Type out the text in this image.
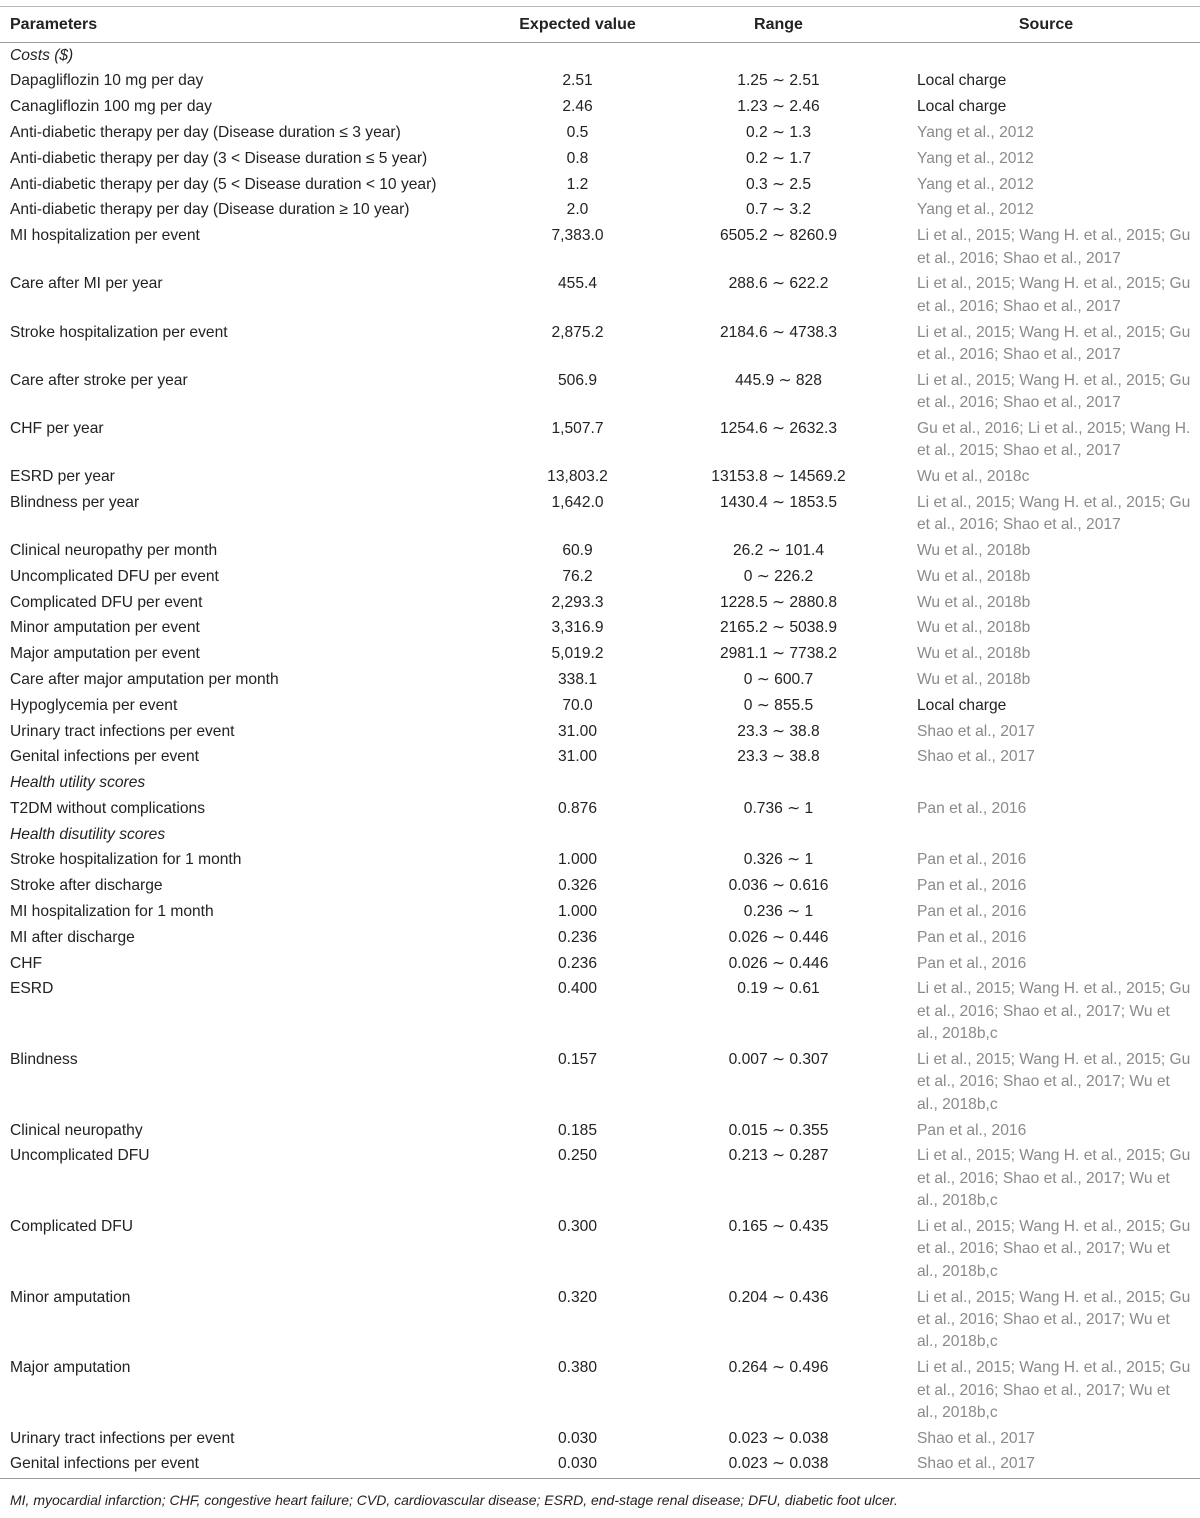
Parameters	Expected value	Range	Source
Costs ($)			
Dapagliflozin 10 mg per day	2.51	1.25 ∼ 2.51	Local charge
Canagliflozin 100 mg per day	2.46	1.23 ∼ 2.46	Local charge
Anti-diabetic therapy per day (Disease duration ≤ 3 year)	0.5	0.2 ∼ 1.3	Yang et al., 2012
Anti-diabetic therapy per day (3 < Disease duration ≤ 5 year)	0.8	0.2 ∼ 1.7	Yang et al., 2012
Anti-diabetic therapy per day (5 < Disease duration < 10 year)	1.2	0.3 ∼ 2.5	Yang et al., 2012
Anti-diabetic therapy per day (Disease duration ≥ 10 year)	2.0	0.7 ∼ 3.2	Yang et al., 2012
MI hospitalization per event	7,383.0	6505.2 ∼ 8260.9	Li et al., 2015; Wang H. et al., 2015; Gu et al., 2016; Shao et al., 2017
Care after MI per year	455.4	288.6 ∼ 622.2	Li et al., 2015; Wang H. et al., 2015; Gu et al., 2016; Shao et al., 2017
Stroke hospitalization per event	2,875.2	2184.6 ∼ 4738.3	Li et al., 2015; Wang H. et al., 2015; Gu et al., 2016; Shao et al., 2017
Care after stroke per year	506.9	445.9 ∼ 828	Li et al., 2015; Wang H. et al., 2015; Gu et al., 2016; Shao et al., 2017
CHF per year	1,507.7	1254.6 ∼ 2632.3	Gu et al., 2016; Li et al., 2015; Wang H. et al., 2015; Shao et al., 2017
ESRD per year	13,803.2	13153.8 ∼ 14569.2	Wu et al., 2018c
Blindness per year	1,642.0	1430.4 ∼ 1853.5	Li et al., 2015; Wang H. et al., 2015; Gu et al., 2016; Shao et al., 2017
Clinical neuropathy per month	60.9	26.2 ∼ 101.4	Wu et al., 2018b
Uncomplicated DFU per event	76.2	0 ∼ 226.2	Wu et al., 2018b
Complicated DFU per event	2,293.3	1228.5 ∼ 2880.8	Wu et al., 2018b
Minor amputation per event	3,316.9	2165.2 ∼ 5038.9	Wu et al., 2018b
Major amputation per event	5,019.2	2981.1 ∼ 7738.2	Wu et al., 2018b
Care after major amputation per month	338.1	0 ∼ 600.7	Wu et al., 2018b
Hypoglycemia per event	70.0	0 ∼ 855.5	Local charge
Urinary tract infections per event	31.00	23.3 ∼ 38.8	Shao et al., 2017
Genital infections per event	31.00	23.3 ∼ 38.8	Shao et al., 2017
Health utility scores			
T2DM without complications	0.876	0.736 ∼ 1	Pan et al., 2016
Health disutility scores			
Stroke hospitalization for 1 month	1.000	0.326 ∼ 1	Pan et al., 2016
Stroke after discharge	0.326	0.036 ∼ 0.616	Pan et al., 2016
MI hospitalization for 1 month	1.000	0.236 ∼ 1	Pan et al., 2016
MI after discharge	0.236	0.026 ∼ 0.446	Pan et al., 2016
CHF	0.236	0.026 ∼ 0.446	Pan et al., 2016
ESRD	0.400	0.19 ∼ 0.61	Li et al., 2015; Wang H. et al., 2015; Gu et al., 2016; Shao et al., 2017; Wu et al., 2018b,c
Blindness	0.157	0.007 ∼ 0.307	Li et al., 2015; Wang H. et al., 2015; Gu et al., 2016; Shao et al., 2017; Wu et al., 2018b,c
Clinical neuropathy	0.185	0.015 ∼ 0.355	Pan et al., 2016
Uncomplicated DFU	0.250	0.213 ∼ 0.287	Li et al., 2015; Wang H. et al., 2015; Gu et al., 2016; Shao et al., 2017; Wu et al., 2018b,c
Complicated DFU	0.300	0.165 ∼ 0.435	Li et al., 2015; Wang H. et al., 2015; Gu et al., 2016; Shao et al., 2017; Wu et al., 2018b,c
Minor amputation	0.320	0.204 ∼ 0.436	Li et al., 2015; Wang H. et al., 2015; Gu et al., 2016; Shao et al., 2017; Wu et al., 2018b,c
Major amputation	0.380	0.264 ∼ 0.496	Li et al., 2015; Wang H. et al., 2015; Gu et al., 2016; Shao et al., 2017; Wu et al., 2018b,c
Urinary tract infections per event	0.030	0.023 ∼ 0.038	Shao et al., 2017
Genital infections per event	0.030	0.023 ∼ 0.038	Shao et al., 2017
MI, myocardial infarction; CHF, congestive heart failure; CVD, cardiovascular disease; ESRD, end-stage renal disease; DFU, diabetic foot ulcer.
